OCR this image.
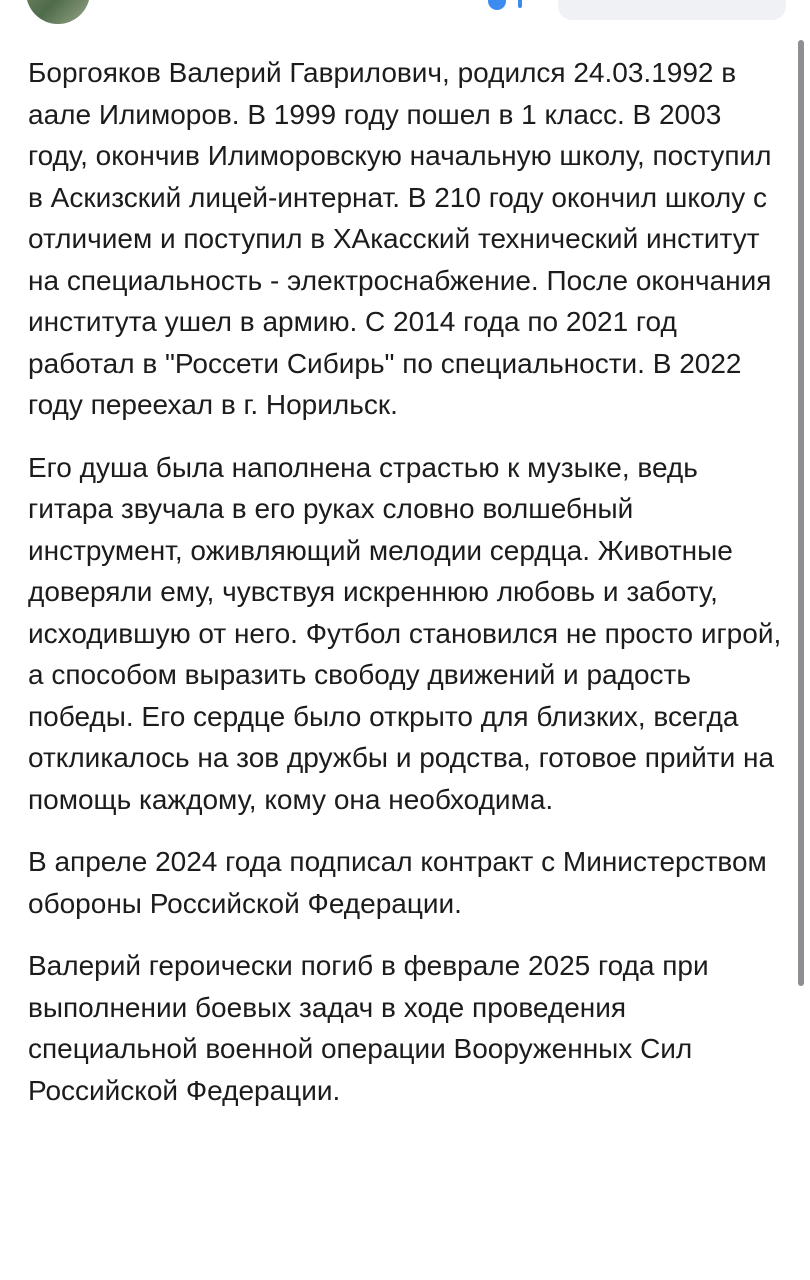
Боргояков Валерий Гаврилович, родился 24.03.1992 в аале Илиморов. В 1999 году пошел в 1 класс. В 2003 году, окончив Илиморовскую начальную школу, поступил в Аскизский лицей-интернат. В 210 году окончил школу с отличием и поступил в ХАкасский технический институт на специальность - электроснабжение. После окончания института ушел в армию. С 2014 года по 2021 год работал в "Россети Сибирь" по специальности. В 2022 году переехал в г. Норильск.

Его душа была наполнена страстью к музыке, ведь гитара звучала в его руках словно волшебный инструмент, оживляющий мелодии сердца. Животные доверяли ему, чувствуя искреннюю любовь и заботу, исходившую от него. Футбол становился не просто игрой, а способом выразить свободу движений и радость победы. Его сердце было открыто для близких, всегда откликалось на зов дружбы и родства, готовое прийти на помощь каждому, кому она необходима.

В апреле 2024 года подписал контракт с Министерством обороны Российской Федерации.

Валерий героически погиб в феврале 2025 года при выполнении боевых задач в ходе проведения специальной военной операции Вооруженных Сил Российской Федерации.
